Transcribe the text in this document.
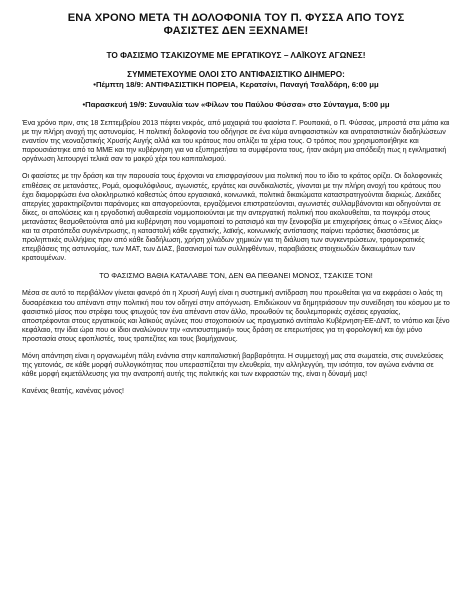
ΕΝΑ ΧΡΟΝΟ ΜΕΤΑ ΤΗ ΔΟΛΟΦΟΝΙΑ ΤΟΥ Π. ΦΥΣΣΑ ΑΠΟ ΤΟΥΣ
ΦΑΣΙΣΤΕΣ ΔΕΝ ΞΕΧΝΑΜΕ!
ΤΟ ΦΑΣΙΣΜΟ ΤΣΑΚΙΖΟΥΜΕ ΜΕ ΕΡΓΑΤΙΚΟΥΣ – ΛΑΪΚΟΥΣ ΑΓΩΝΕΣ!
ΣΥΜΜΕΤΕΧΟΥΜΕ ΟΛΟΙ ΣΤΟ ΑΝΤΙΦΑΣΙΣΤΙΚΟ ΔΙΗΜΕΡΟ:
•Πέμπτη 18/9: ΑΝΤΙΦΑΣΙΣΤΙΚΗ ΠΟΡΕΙΑ, Κερατσίνι, Παναγή Τσαλδάρη, 6:00 μμ
•Παρασκευή 19/9: Συναυλία των «Φίλων του Παύλου Φύσσα» στο Σύνταγμα, 5:00 μμ

Ένα χρόνο πριν, στις 18 Σεπτεμβρίου 2013 πέφτει νεκρός, από μαχαιριά του φασίστα Γ. Ρουπακιά, ο Π. Φύσσας, μπροστά στα μάτια και με την πλήρη ανοχή της αστυνομίας. Η πολιτική δολοφονία του οδήγησε σε ένα κύμα αντιφασιστικών και αντιρατσιστικών διαδηλώσεων εναντίον της νεοναζιστικής Χρυσής Αυγής αλλά και του κράτους που οπλίζει τα χέρια τους. Ο τρόπος που χρησιμοποιήθηκε και παρουσιάστηκε από τα ΜΜΕ και την κυβέρνηση για να εξυπηρετήσει τα συμφέροντα τους, ήταν ακόμη μια απόδειξη πως η εγκληματική οργάνωση λειτουργεί τελικά σαν το μακρύ χέρι του καπιταλισμού.

Οι φασίστες με την δράση και την παρουσία τους έρχονται να επισφραγίσουν μια πολιτική που το ίδιο το κράτος ορίζει. Οι δολοφονικές επιθέσεις σε μετανάστες, Ρομά, ομοφυλόφιλους, αγωνιστές, εργάτες και συνδικαλιστές, γίνονται με την πλήρη ανοχή του κράτους που έχει διαμορφώσει ένα ολοκληρωτικό καθεστώς όπου εργασιακά, κοινωνικά, πολιτικά δικαιώματα καταστρατηγούνται διαρκώς. Δεκάδες απεργίες χαρακτηρίζονται παράνομες και απαγορεύονται, εργαζόμενοι επιστρατεύονται, αγωνιστές συλλαμβάνονται και οδηγούνται σε δίκες, οι απολύσεις και η εργοδοτική αυθαιρεσία νομιμοποιούνται με την αντεργατική πολιτική που ακολουθείται, τα πογκρόμ στους μετανάστες θεσμοθετούνται από μια κυβέρνηση που νομιμοποιεί το ρατσισμό και την ξενοφοβία με επιχειρήσεις όπως ο «Ξένιος Δίας» και τα στρατόπεδα συγκέντρωσης, η καταστολή κάθε εργατικής, λαϊκής, κοινωνικής αντίστασης παίρνει τεράστιες διαστάσεις με προληπτικές συλλήψεις πριν από κάθε διαδήλωση, χρήση χιλιάδων χημικών για τη διάλυση των συγκεντρώσεων, τρομοκρατικές επεμβάσεις της αστυνομίας, των ΜΑΤ, των ΔΙΑΣ, βασανισμοί των συλληφθέντων, παραβιάσεις στοιχειωδών δικαιωμάτων των κρατουμένων.

ΤΟ ΦΑΣΙΣΜΟ ΒΑΘΙΑ ΚΑΤΑΛΑΒΕ ΤΟΝ, ΔΕΝ ΘΑ ΠΕΘΑΝΕΙ ΜΟΝΟΣ, ΤΣΑΚΙΣΕ ΤΟΝ!

Μέσα σε αυτό το περιβάλλον γίνεται φανερό ότι η Χρυσή Αυγή είναι η συστημική αντίδραση που προωθείται για να εκφράσει ο λαός τη δυσαρέσκεια του απέναντι στην πολιτική που τον οδηγεί στην απόγνωση. Επιδιώκουν να δημητριάσουν την συνείδηση του κόσμου με το φασιστικό μίσος που στρέφει τους φτωχούς τον ένα απέναντι στον άλλο, προωθούν τις δουλεμπορικές σχέσεις εργασίας, αποστρέφονται στους εργατικούς και λαϊκούς αγώνες που στοχοποιούν ως πραγματικό αντίπαλο Κυβέρνηση-ΕΕ-ΔΝΤ, το ντόπιο και ξένο κεφάλαιο, την ίδια ώρα που οι ίδιοι αναλώνουν την «αντισυστημική» τους δράση σε επερωτήσεις για τη φορολογική και όχι μόνο προστασία στους εφοπλιστές, τους τραπεζίτες και τους βιομήχανους.

Μόνη απάντηση είναι η οργανωμένη πάλη ενάντια στην καπιταλιστική βαρβαρότητα. Η συμμετοχή μας στα σωματεία, στις συνελεύσεις της γειτονιάς, σε κάθε μορφή συλλογικότητας που υπερασπίζεται την ελευθερία, την αλληλεγγύη, την ισότητα, τον αγώνα ενάντια σε κάθε μορφή εκμετάλλευσης για την ανατροπή αυτής της πολιτικής και των εκφραστών της, είναι η δύναμή μας!

Κανένας θεατής, κανένας μόνος!
